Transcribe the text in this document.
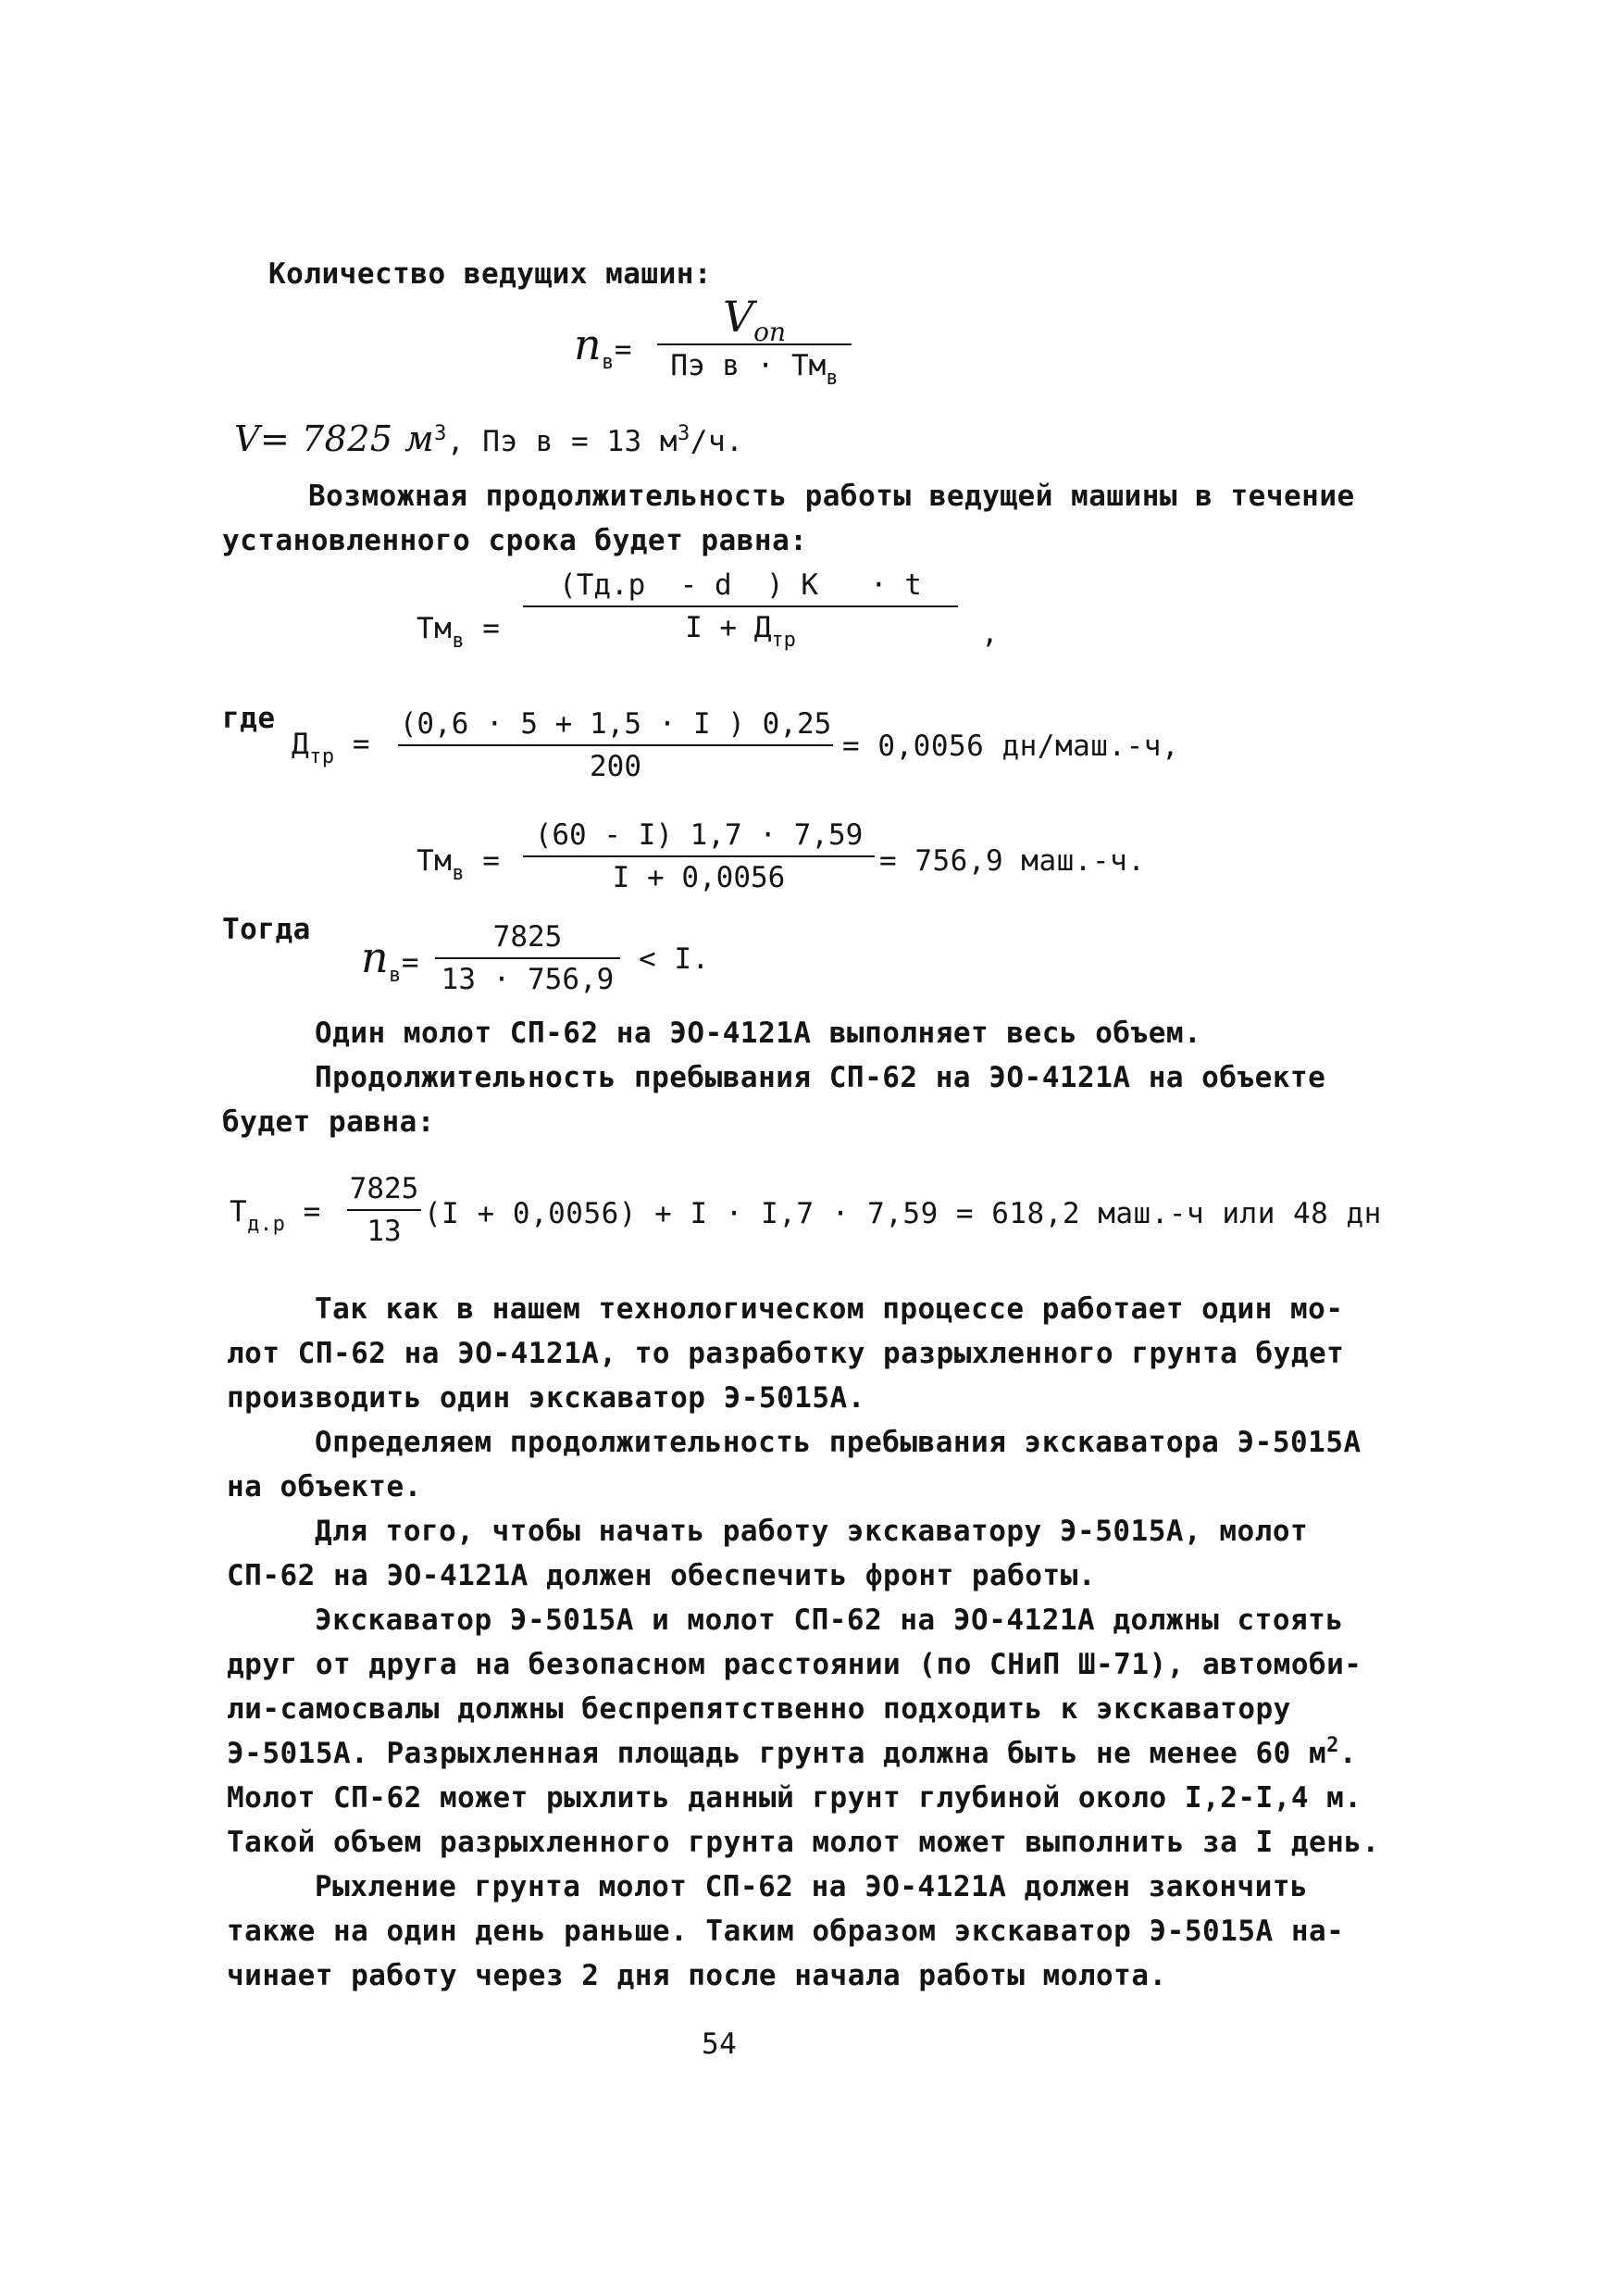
Количество ведущих машин:
$n_в=$
Vоп
Пэ $в \cdot Тм_в$
V= 7825 $м^3$, Пэ в = 13 $м^3/ч$.
Возможная продолжительность работы ведущей машины в течение
установленного срока будет равна:
$Тм_в$ =
(Тд.р  - d  ) К   · t
$I + Д_{тр}$	,
где
$Д_{тр}$ =
(0,6 · 5 + 1,5 · I ) 0,25
200
= 0,0056 дн/маш.-ч,
$Тм_в$ =
(60 - I) 1,7 · 7,59
I + 0,0056	= 756,9 маш.-ч.
Тогда
$n_в=$
7825
13 · 756,9
< I.
Один молот СП-62 на ЭО-4121А выполняет весь объем.
Продолжительность пребывания СП-62 на ЭО-4121А на объекте
будет равна:
$Т_{д.р}$ =
7825
13
(I + 0,0056) + I · I,7 · 7,59 = 618,2 маш.-ч или 48 дн
Так как в нашем технологическом процессе работает один мо-
лот СП-62 на ЭО-4121А, то разработку разрыхленного грунта будет
производить один экскаватор Э-5015А.
Определяем продолжительность пребывания экскаватора Э-5015А
на объекте.
Для того, чтобы начать работу экскаватору Э-5015А, молот
СП-62 на ЭО-4121А должен обеспечить фронт работы.
Экскаватор Э-5015А и молот СП-62 на ЭО-4121А должны стоять
друг от друга на безопасном расстоянии (по СНиП Ш-71), автомоби-
ли-самосвалы должны беспрепятственно подходить к экскаватору
Э-5015А. Разрыхленная площадь грунта должна быть не менее 60 $м^2$.
Молот СП-62 может рыхлить данный грунт глубиной около I,2-I,4 м.
Такой объем разрыхленного грунта молот может выполнить за I день.
Рыхление грунта молот СП-62 на ЭО-4121А должен закончить
также на один день раньше. Таким образом экскаватор Э-5015А на-
чинает работу через 2 дня после начала работы молота.
54
